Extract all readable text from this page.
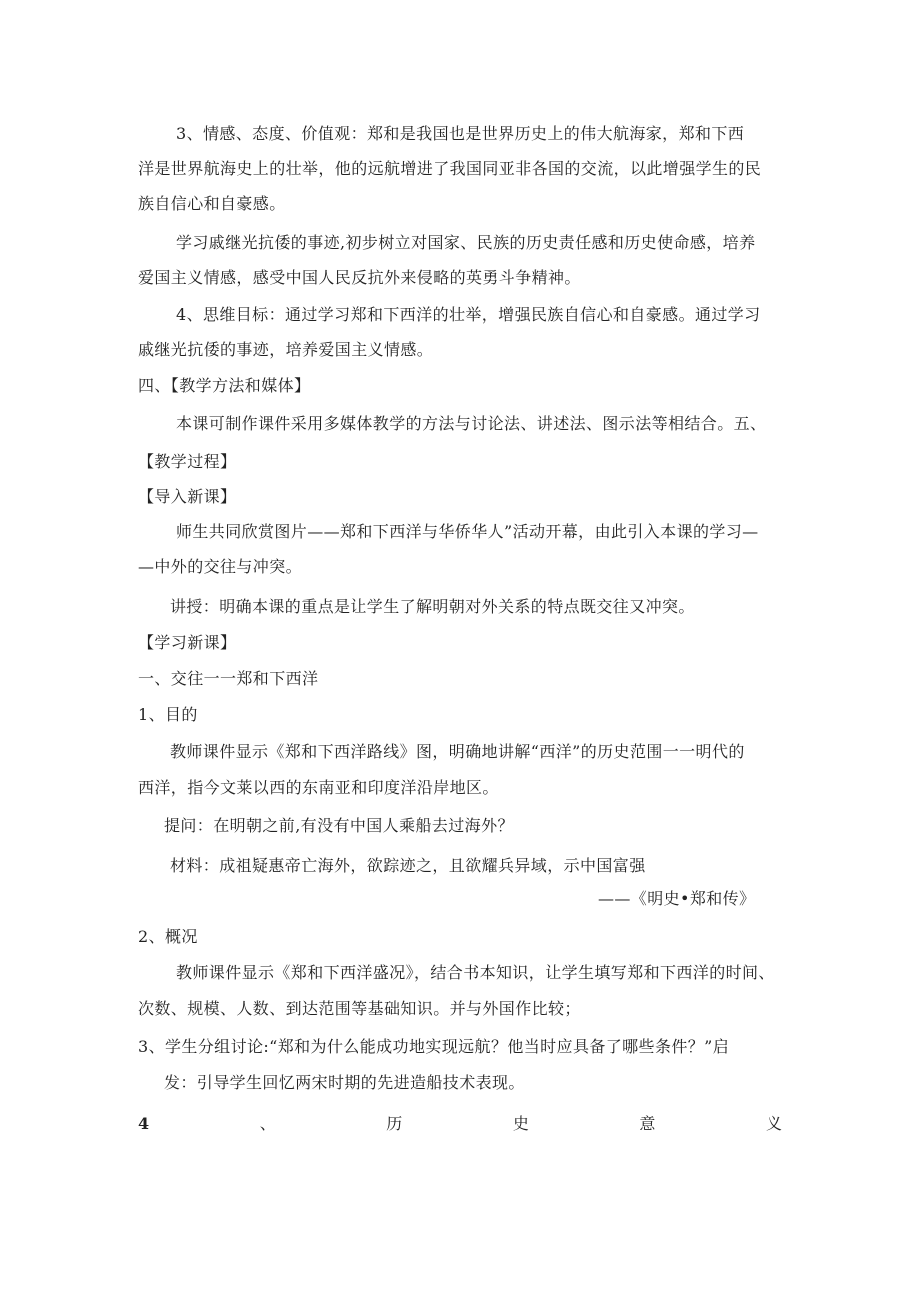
3、情感、态度、价值观：郑和是我国也是世界历史上的伟大航海家，郑和下西
洋是世界航海史上的壮举，他的远航增进了我国同亚非各国的交流，以此增强学生的民
族自信心和自豪感。
学习戚继光抗倭的事迹,初步树立对国家、民族的历史责任感和历史使命感，培养
爱国主义情感，感受中国人民反抗外来侵略的英勇斗争精神。
4、思维目标：通过学习郑和下西洋的壮举，增强民族自信心和自豪感。通过学习
戚继光抗倭的事迹，培养爱国主义情感。
四、【教学方法和媒体】
本课可制作课件采用多媒体教学的方法与讨论法、讲述法、图示法等相结合。五、
【教学过程】
【导入新课】
师生共同欣赏图片——郑和下西洋与华侨华人”活动开幕，由此引入本课的学习—
—中外的交往与冲突。
讲授：明确本课的重点是让学生了解明朝对外关系的特点既交往又冲突。
【学习新课】
一、交往一一郑和下西洋
1、目的
教师课件显示《郑和下西洋路线》图，明确地讲解“西洋”的历史范围一一明代的
西洋，指今文莱以西的东南亚和印度洋沿岸地区。
提问：在明朝之前,有没有中国人乘船去过海外？
材料：成祖疑惠帝亡海外，欲踪迹之，且欲耀兵异域，示中国富强
——《明史•郑和传》
2、概况
教师课件显示《郑和下西洋盛况》，结合书本知识，让学生填写郑和下西洋的时间、
次数、规模、人数、到达范围等基础知识。并与外国作比较；
3、学生分组讨论:“郑和为什么能成功地实现远航？他当时应具备了哪些条件？”启
发：引导学生回忆两宋时期的先进造船技术表现。
4	、	历	史	意	义
